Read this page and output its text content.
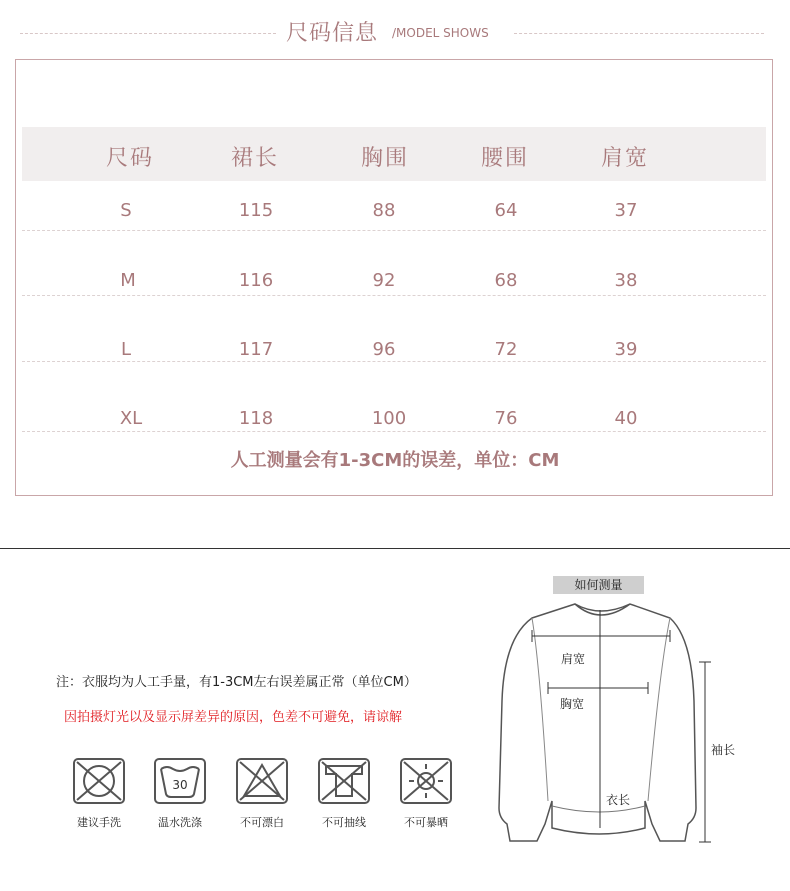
尺码信息 /MODEL SHOWS
尺码	裙长	胸围	腰围	肩宽
S	115	88	64	37
M	116	92	68	38
L	117	96	72	39
XL	118	100	76	40
人工测量会有1-3CM的误差，单位：CM
注：衣服均为人工手量，有1-3CM左右误差属正常（单位CM）
因拍摄灯光以及显示屏差异的原因，色差不可避免，请谅解
建议手洗
30
温水洗涤	不可漂白	不可抽线	不可暴晒
如何测量
肩宽
胸宽
袖长
衣长
